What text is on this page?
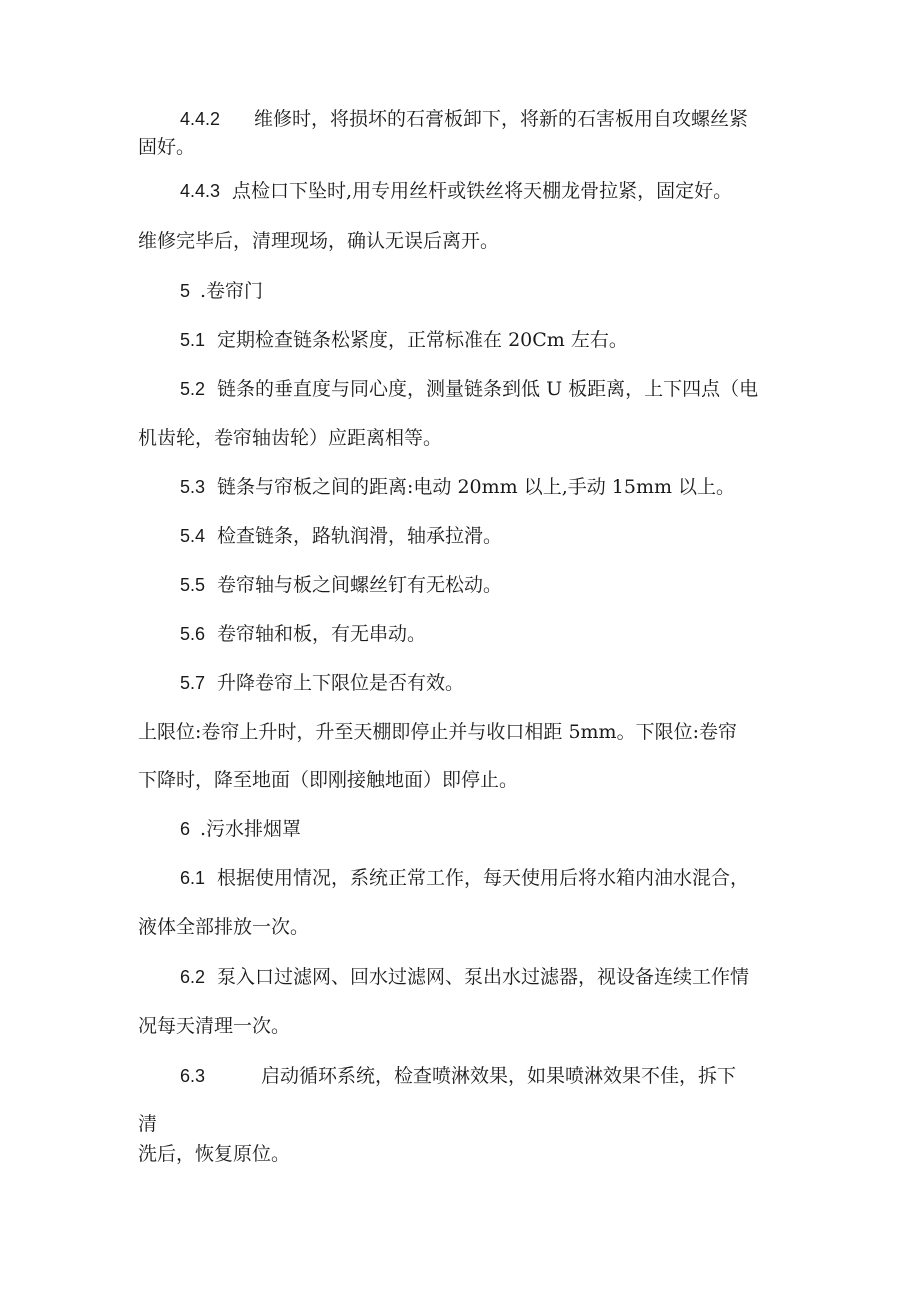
4.4.2 维修时，将损坏的石膏板卸下，将新的石害板用自攻螺丝紧
固好。
4.4.3 点检口下坠时,用专用丝杆或铁丝将天棚龙骨拉紧，固定好。
维修完毕后，清理现场，确认无误后离开。
5 .卷帘门
5.1 定期检查链条松紧度，正常标准在 20Cm 左右。
5.2 链条的垂直度与同心度，测量链条到低 U 板距离，上下四点（电
机齿轮，卷帘轴齿轮）应距离相等。
5.3 链条与帘板之间的距离:电动 20mm 以上,手动 15mm 以上。
5.4 检查链条，路轨润滑，轴承拉滑。
5.5 卷帘轴与板之间螺丝钉有无松动。
5.6 卷帘轴和板，有无串动。
5.7 升降卷帘上下限位是否有效。
上限位:卷帘上升时，升至天棚即停止并与收口相距 5mm。下限位:卷帘
下降时，降至地面（即刚接触地面）即停止。
6 .污水排烟罩
6.1 根据使用情况，系统正常工作，每天使用后将水箱内油水混合，
液体全部排放一次。
6.2 泵入口过滤网、回水过滤网、泵出水过滤器，视设备连续工作情
况每天清理一次。
6.3	启动循环系统，检查喷淋效果，如果喷淋效果不佳，拆下
清
洗后，恢复原位。
